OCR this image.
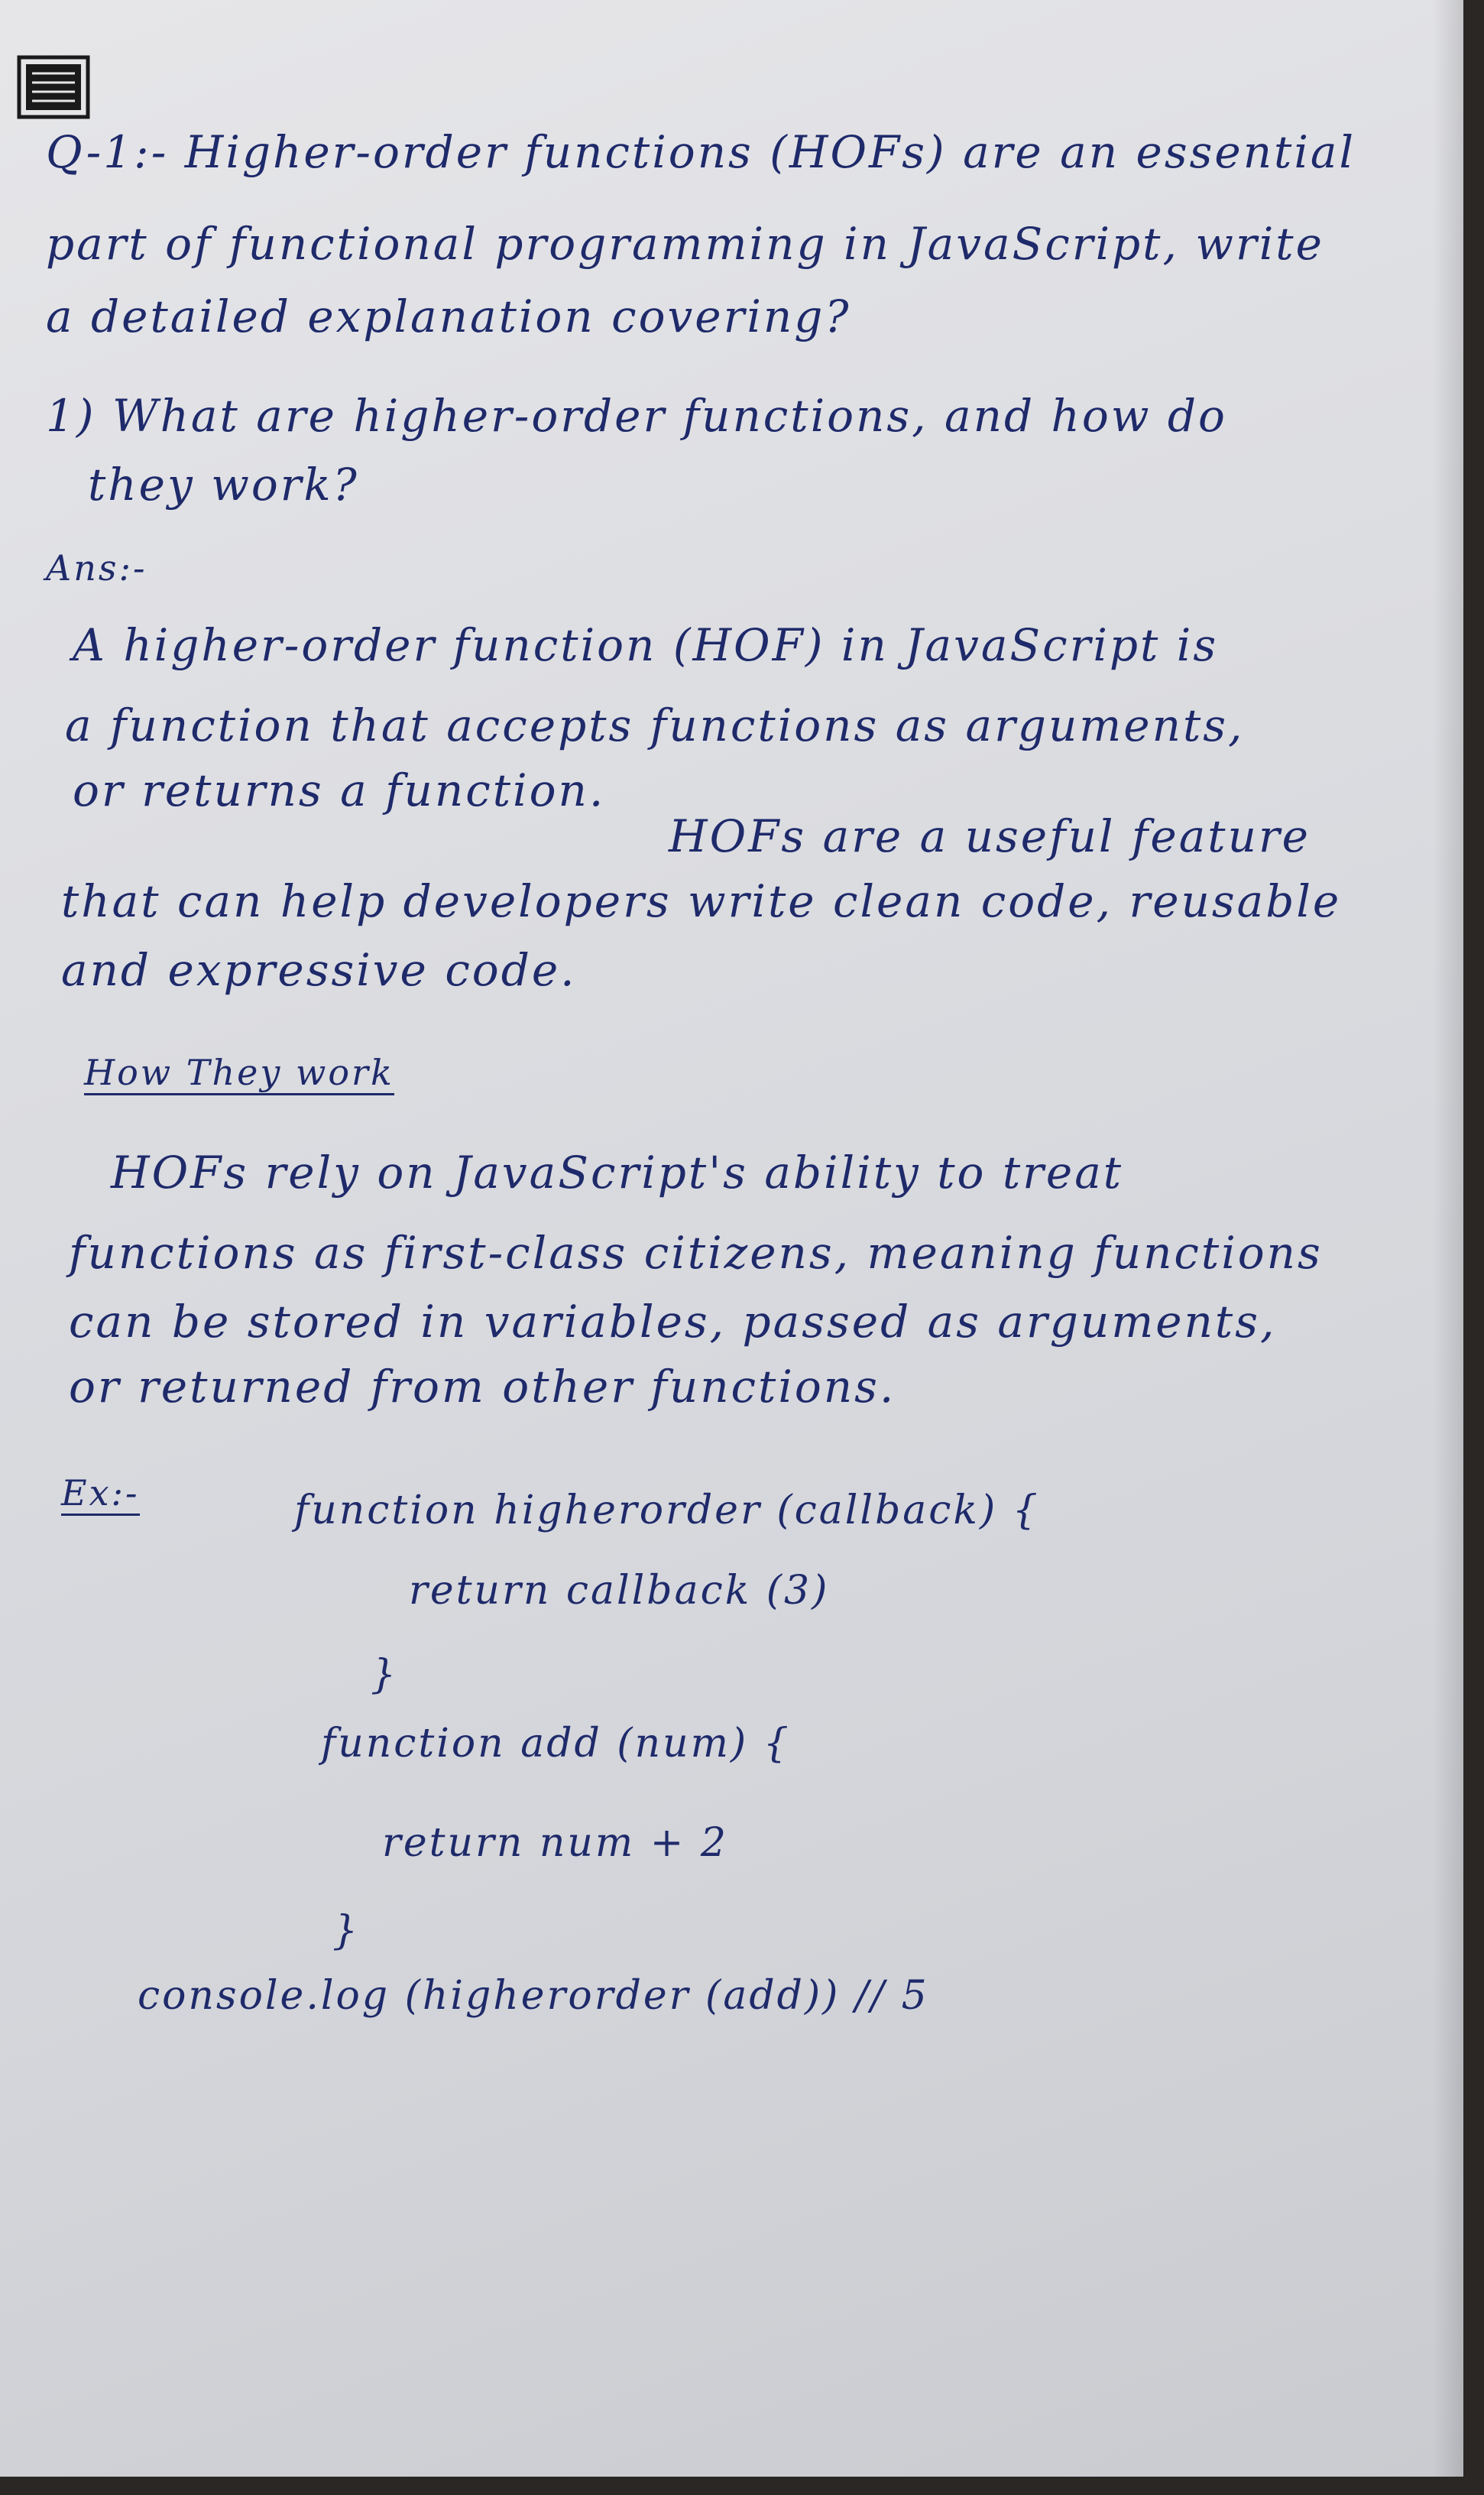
Q-1:- Higher-order functions (HOFs) are an essential
part of functional programming in JavaScript, write
a detailed explanation covering?
1) What are higher-order functions, and how do
they work?
Ans:-
A higher-order function (HOF) in JavaScript is
a function that accepts functions as arguments,
or returns a function.
HOFs are a useful feature
that can help developers write clean code, reusable
and expressive code.
How They work
HOFs rely on JavaScript's ability to treat
functions as first-class citizens, meaning functions
can be stored in variables, passed as arguments,
or returned from other functions.
Ex:-	function higherorder (callback) {
return callback (3)
}
function add (num) {
return num + 2
}
console.log (higherorder (add)) // 5
